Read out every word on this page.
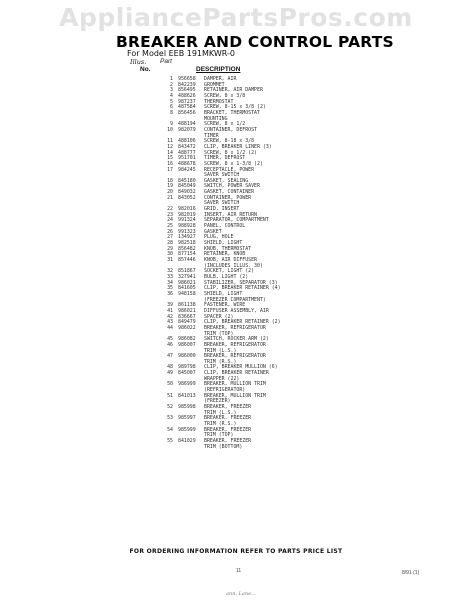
AppliancePartsPros.com
BREAKER AND CONTROL PARTS
For Model EEB 191MKWR-0
Illus. Part
No.	DESCRIPTION
1	956658	DAMPER, AIR
2	842239	GROMMET
3	856495	RETAINER, AIR DAMPER
4	488626	SCREW, 8 x 3/8
5	987237	THERMOSTAT
6	487584	SCREW, 8-15 x 3/8 (2)
8	856456	BRACKET, THERMOSTAT
MOUNTING
9	488194	SCREW, 8 x 1/2
10	982079	CONTAINER, DEFROST
TIMER
11	488106	SCREW, 8-18 x 3/8
12	843472	CLIP, BREAKER LINER (3)
14	488777	SCREW, 8 x 1/2 (2)
15	951701	TIMER, DEFROST
16	488678	SCREW, 8 x 1-3/8 (2)
17	984245	RECEPTACLE, POWER
SAVER SWITCH
18	845180	GASKET, SEALING
19	845049	SWITCH, POWER SAVER
20	849032	GASKET, CONTAINER
21	843052	CONTAINER, POWER
SAVER SWITCH
22	982016	GRID, INSERT
23	982019	INSERT, AIR RETURN
24	991324	SEPARATOR, COMPARTMENT
25	988928	PANEL, CONTROL
26	991323	GASKET
27	134927	PLUG, HOLE
28	982518	SHIELD, LIGHT
29	856482	KNOB, THERMOSTAT
30	877154	RETAINER, KNOB
31	857446	KNOB, AIR DIFFUSER
(INCLUDES ILLUS. 30)
32	851867	SOCKET, LIGHT (2)
33	327941	BULB, LIGHT (2)
34	986021	STABILIZER, SEPARATOR (3)
35	841605	CLIP, BREAKER RETAINER (4)
36	948158	SHIELD, LIGHT
(FREEZER COMPARTMENT)
39	861138	FASTENER, WIRE
41	986021	DIFFUSER ASSEMBLY, AIR
42	836667	SPACER (2)
43	849479	CLIP, BREAKER RETAINER (2)
44	986022	BREAKER, REFRIGERATOR
TRIM (TOP)
45	986082	SWITCH, ROCKER ARM (2)
46	986007	BREAKER, REFRIGERATOR
TRIM (L.S.)
47	986000	BREAKER, REFRIGERATOR
TRIM (R.S.)
48	989798	CLIP, BREAKER MULLION (6)
49	845007	CLIP, BREAKER RETAINER
WRAPPER (22)
50	986999	BREAKER, MULLION TRIM
(REFRIGERATOR)
51	841013	BREAKER, MULLION TRIM
(FREEZER)
52	985998	BREAKER, FREEZER
TRIM (L.S.)
53	985997	BREAKER, FREEZER
TRIM (R.S.)
54	985999	BREAKER, FREEZER
TRIM (TOP)
55	841029	BREAKER, FREEZER
TRIM (BOTTOM)
FOR ORDERING INFORMATION REFER TO PARTS PRICE LIST
11	8/91 (1)
ann. Lane...
